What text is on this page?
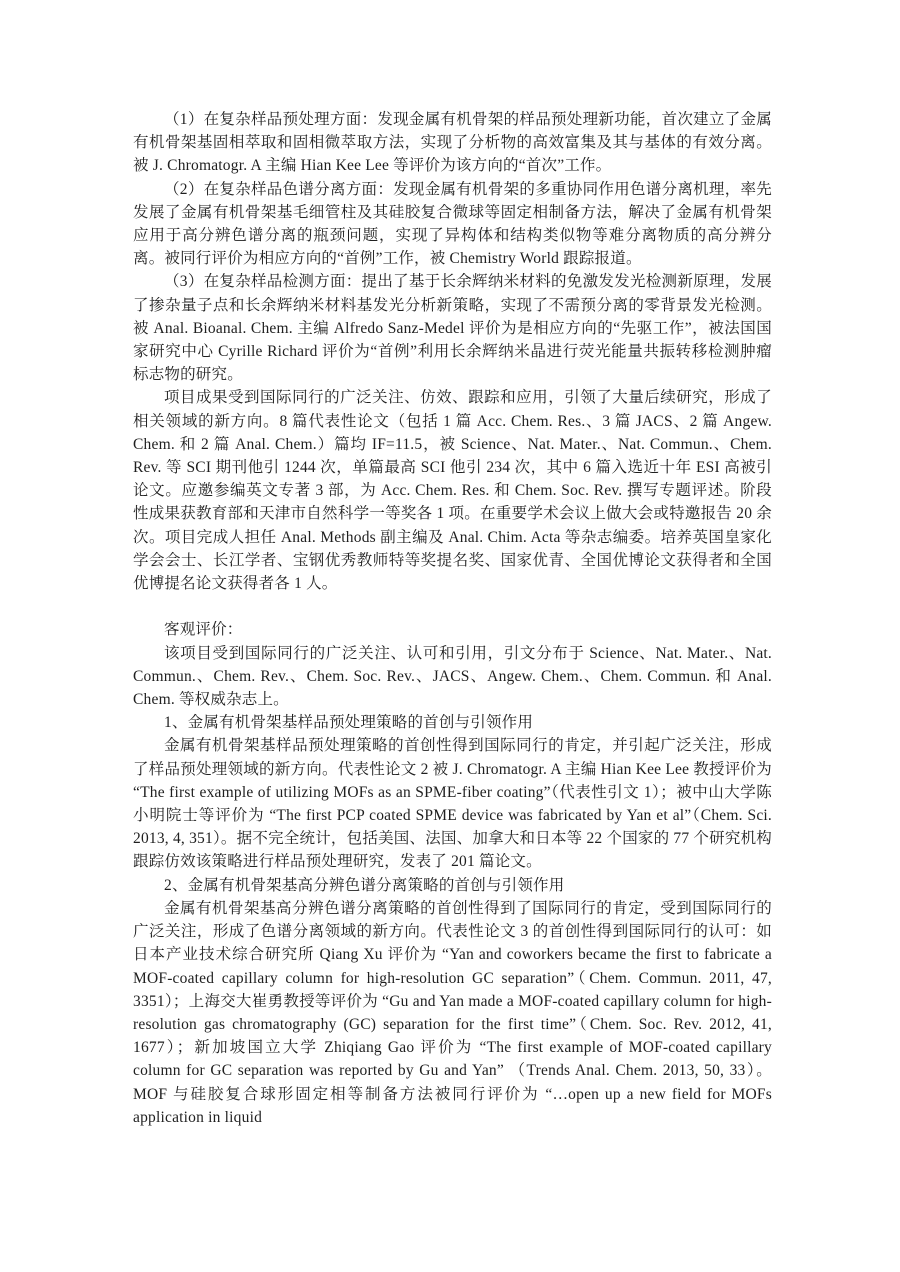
（1）在复杂样品预处理方面：发现金属有机骨架的样品预处理新功能，首次建立了金属有机骨架基固相萃取和固相微萃取方法，实现了分析物的高效富集及其与基体的有效分离。被 J. Chromatogr. A 主编 Hian Kee Lee 等评价为该方向的“首次”工作。

（2）在复杂样品色谱分离方面：发现金属有机骨架的多重协同作用色谱分离机理，率先发展了金属有机骨架基毛细管柱及其硅胶复合微球等固定相制备方法，解决了金属有机骨架应用于高分辨色谱分离的瓶颈问题，实现了异构体和结构类似物等难分离物质的高分辨分离。被同行评价为相应方向的“首例”工作，被 Chemistry World 跟踪报道。

（3）在复杂样品检测方面：提出了基于长余辉纳米材料的免激发发光检测新原理，发展了掺杂量子点和长余辉纳米材料基发光分析新策略，实现了不需预分离的零背景发光检测。被 Anal. Bioanal. Chem. 主编 Alfredo Sanz-Medel 评价为是相应方向的“先驱工作”，被法国国家研究中心 Cyrille Richard 评价为“首例”利用长余辉纳米晶进行荧光能量共振转移检测肿瘤标志物的研究。

项目成果受到国际同行的广泛关注、仿效、跟踪和应用，引领了大量后续研究，形成了相关领域的新方向。8 篇代表性论文（包括 1 篇 Acc. Chem. Res.、3 篇 JACS、2 篇 Angew. Chem. 和 2 篇 Anal. Chem.）篇均 IF=11.5，被 Science、Nat. Mater.、Nat. Commun.、Chem. Rev. 等 SCI 期刊他引 1244 次，单篇最高 SCI 他引 234 次，其中 6 篇入选近十年 ESI 高被引论文。应邀参编英文专著 3 部，为 Acc. Chem. Res. 和 Chem. Soc. Rev. 撰写专题评述。阶段性成果获教育部和天津市自然科学一等奖各 1 项。在重要学术会议上做大会或特邀报告 20 余次。项目完成人担任 Anal. Methods 副主编及 Anal. Chim. Acta 等杂志编委。培养英国皇家化学会会士、长江学者、宝钢优秀教师特等奖提名奖、国家优青、全国优博论文获得者和全国优博提名论文获得者各 1 人。

客观评价：

该项目受到国际同行的广泛关注、认可和引用，引文分布于 Science、Nat. Mater.、Nat. Commun.、Chem. Rev.、Chem. Soc. Rev.、JACS、Angew. Chem.、Chem. Commun. 和 Anal. Chem. 等权威杂志上。

1、金属有机骨架基样品预处理策略的首创与引领作用

金属有机骨架基样品预处理策略的首创性得到国际同行的肯定，并引起广泛关注，形成了样品预处理领域的新方向。代表性论文 2 被 J. Chromatogr. A 主编 Hian Kee Lee 教授评价为 “The first example of utilizing MOFs as an SPME-fiber coating”（代表性引文 1）；被中山大学陈小明院士等评价为 “The first PCP coated SPME device was fabricated by Yan et al”（Chem. Sci. 2013, 4, 351）。据不完全统计，包括美国、法国、加拿大和日本等 22 个国家的 77 个研究机构跟踪仿效该策略进行样品预处理研究，发表了 201 篇论文。

2、金属有机骨架基高分辨色谱分离策略的首创与引领作用

金属有机骨架基高分辨色谱分离策略的首创性得到了国际同行的肯定，受到国际同行的广泛关注，形成了色谱分离领域的新方向。代表性论文 3 的首创性得到国际同行的认可：如日本产业技术综合研究所 Qiang Xu 评价为 “Yan and coworkers became the first to fabricate a MOF-coated capillary column for high-resolution GC separation”（Chem. Commun. 2011, 47, 3351）；上海交大崔勇教授等评价为 “Gu and Yan made a MOF-coated capillary column for high-resolution gas chromatography (GC) separation for the first time”（Chem. Soc. Rev. 2012, 41, 1677）；新加坡国立大学 Zhiqiang Gao 评价为 “The first example of MOF-coated capillary column for GC separation was reported by Gu and Yan” （Trends Anal. Chem. 2013, 50, 33）。MOF 与硅胶复合球形固定相等制备方法被同行评价为 “…open up a new field for MOFs application in liquid
